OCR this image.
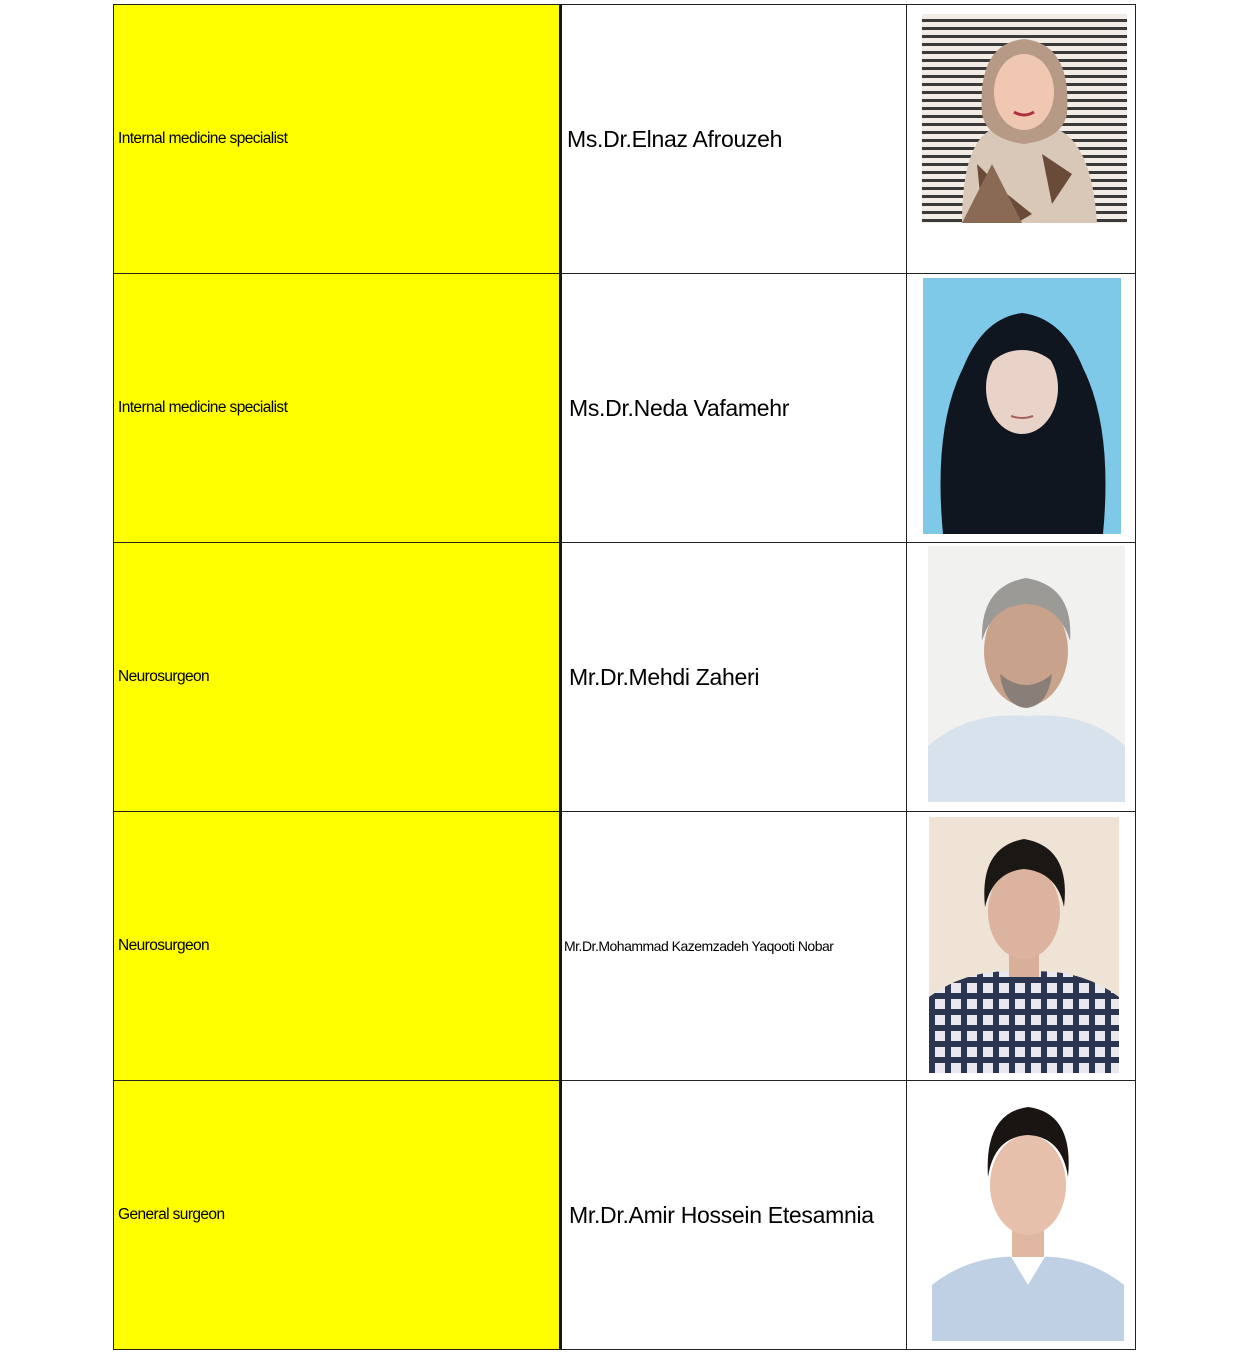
Internal medicine specialist	Ms.Dr.Elnaz Afrouzeh

Internal medicine specialist	Ms.Dr.Neda Vafamehr

Neurosurgeon	Mr.Dr.Mehdi Zaheri

Neurosurgeon	Mr.Dr.Mohammad Kazemzadeh Yaqooti Nobar

General surgeon	Mr.Dr.Amir Hossein Etesamnia
